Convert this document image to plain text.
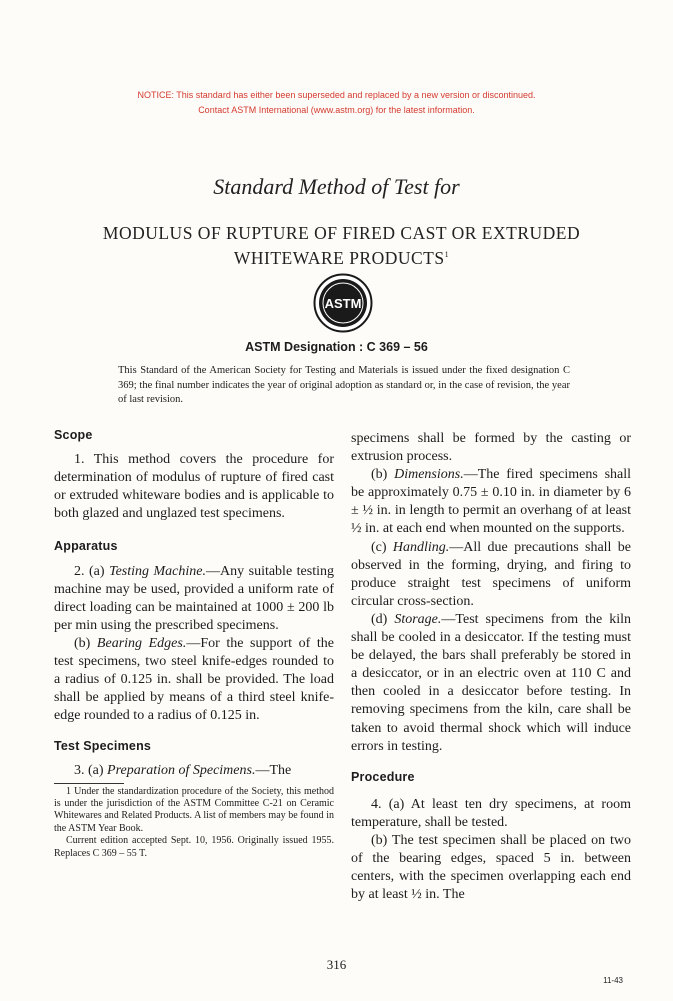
NOTICE: This standard has either been superseded and replaced by a new version or discontinued.
Contact ASTM International (www.astm.org) for the latest information.
Standard Method of Test for
MODULUS OF RUPTURE OF FIRED CAST OR EXTRUDED
WHITEWARE PRODUCTS$^1$
ASTM
ASTM Designation : C 369 – 56
This Standard of the American Society for Testing and Materials is issued under the fixed designation C 369; the final number indicates the year of original adoption as standard or, in the case of revision, the year of last revision.
Scope

1. This method covers the procedure for determination of modulus of rupture of fired cast or extruded whiteware bodies and is applicable to both glazed and unglazed test specimens.

Apparatus

2. (a) Testing Machine.—Any suitable testing machine may be used, provided a uniform rate of direct loading can be maintained at 1000 ± 200 lb per min using the prescribed specimens.

(b) Bearing Edges.—For the support of the test specimens, two steel knife-edges rounded to a radius of 0.125 in. shall be provided. The load shall be applied by means of a third steel knife-edge rounded to a radius of 0.125 in.

Test Specimens

3. (a) Preparation of Specimens.—The

1 Under the standardization procedure of the Society, this method is under the jurisdiction of the ASTM Committee C-21 on Ceramic Whitewares and Related Products. A list of members may be found in the ASTM Year Book.

Current edition accepted Sept. 10, 1956. Originally issued 1955. Replaces C 369 – 55 T.

specimens shall be formed by the casting or extrusion process.

(b) Dimensions.—The fired specimens shall be approximately 0.75 ± 0.10 in. in diameter by 6 ± ½ in. in length to permit an overhang of at least ½ in. at each end when mounted on the supports.

(c) Handling.—All due precautions shall be observed in the forming, drying, and firing to produce straight test specimens of uniform circular cross-section.

(d) Storage.—Test specimens from the kiln shall be cooled in a desiccator. If the testing must be delayed, the bars shall preferably be stored in a desiccator, or in an electric oven at 110 C and then cooled in a desiccator before testing. In removing specimens from the kiln, care shall be taken to avoid thermal shock which will induce errors in testing.

Procedure

4. (a) At least ten dry specimens, at room temperature, shall be tested.

(b) The test specimen shall be placed on two of the bearing edges, spaced 5 in. between centers, with the specimen overlapping each end by at least ½ in. The

316
11-43
